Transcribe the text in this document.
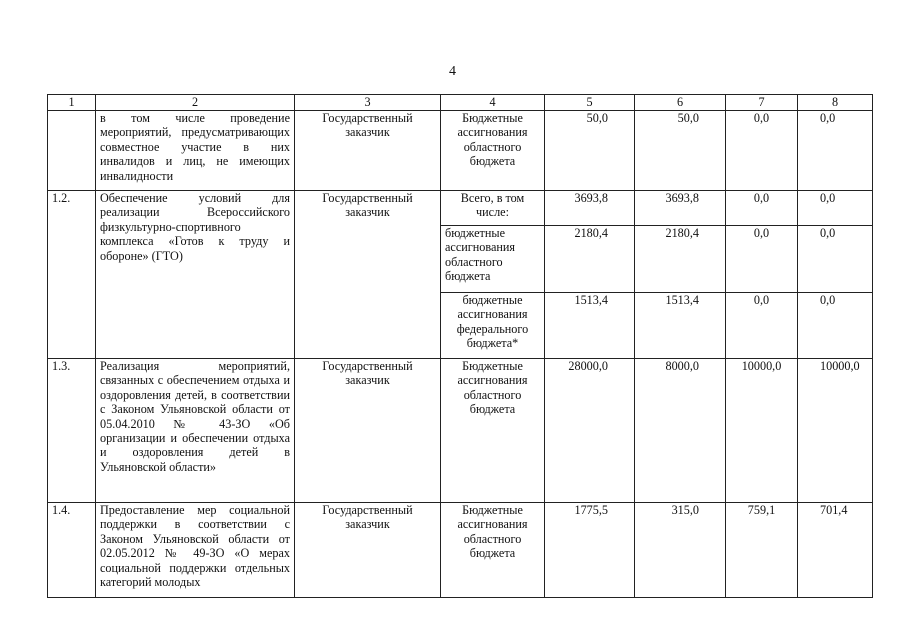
4
1	2	3	4	5	6	7	8
	в том числе проведение мероприятий, предусматривающих совместное участие в них инвалидов и лиц, не имеющих инвалидности	Государственный заказчик	Бюджетные ассигнования областного бюджета	50,0	50,0	0,0	0,0
1.2.	Обеспечение условий для реализации Всероссийского физкультурно-спортивного комплекса «Готов к труду и обороне» (ГТО)	Государственный заказчик	Всего, в том числе:	3693,8	3693,8	0,0	0,0
			бюджетные ассигнования областного бюджета	2180,4	2180,4	0,0	0,0
			бюджетные ассигнования федерального бюджета*	1513,4	1513,4	0,0	0,0
1.3.	Реализация мероприятий, связанных с обеспечением отдыха и оздоровления детей, в соответствии с Законом Ульяновской области от 05.04.2010 № 43-ЗО «Об организации и обеспечении отдыха и оздоровления детей в Ульяновской области»	Государственный заказчик	Бюджетные ассигнования областного бюджета	28000,0	8000,0	10000,0	10000,0
1.4.	Предоставление мер социальной поддержки в соответствии с Законом Ульяновской области от 02.05.2012 № 49-ЗО «О мерах социальной поддержки отдельных категорий молодых	Государственный заказчик	Бюджетные ассигнования областного бюджета	1775,5	315,0	759,1	701,4
